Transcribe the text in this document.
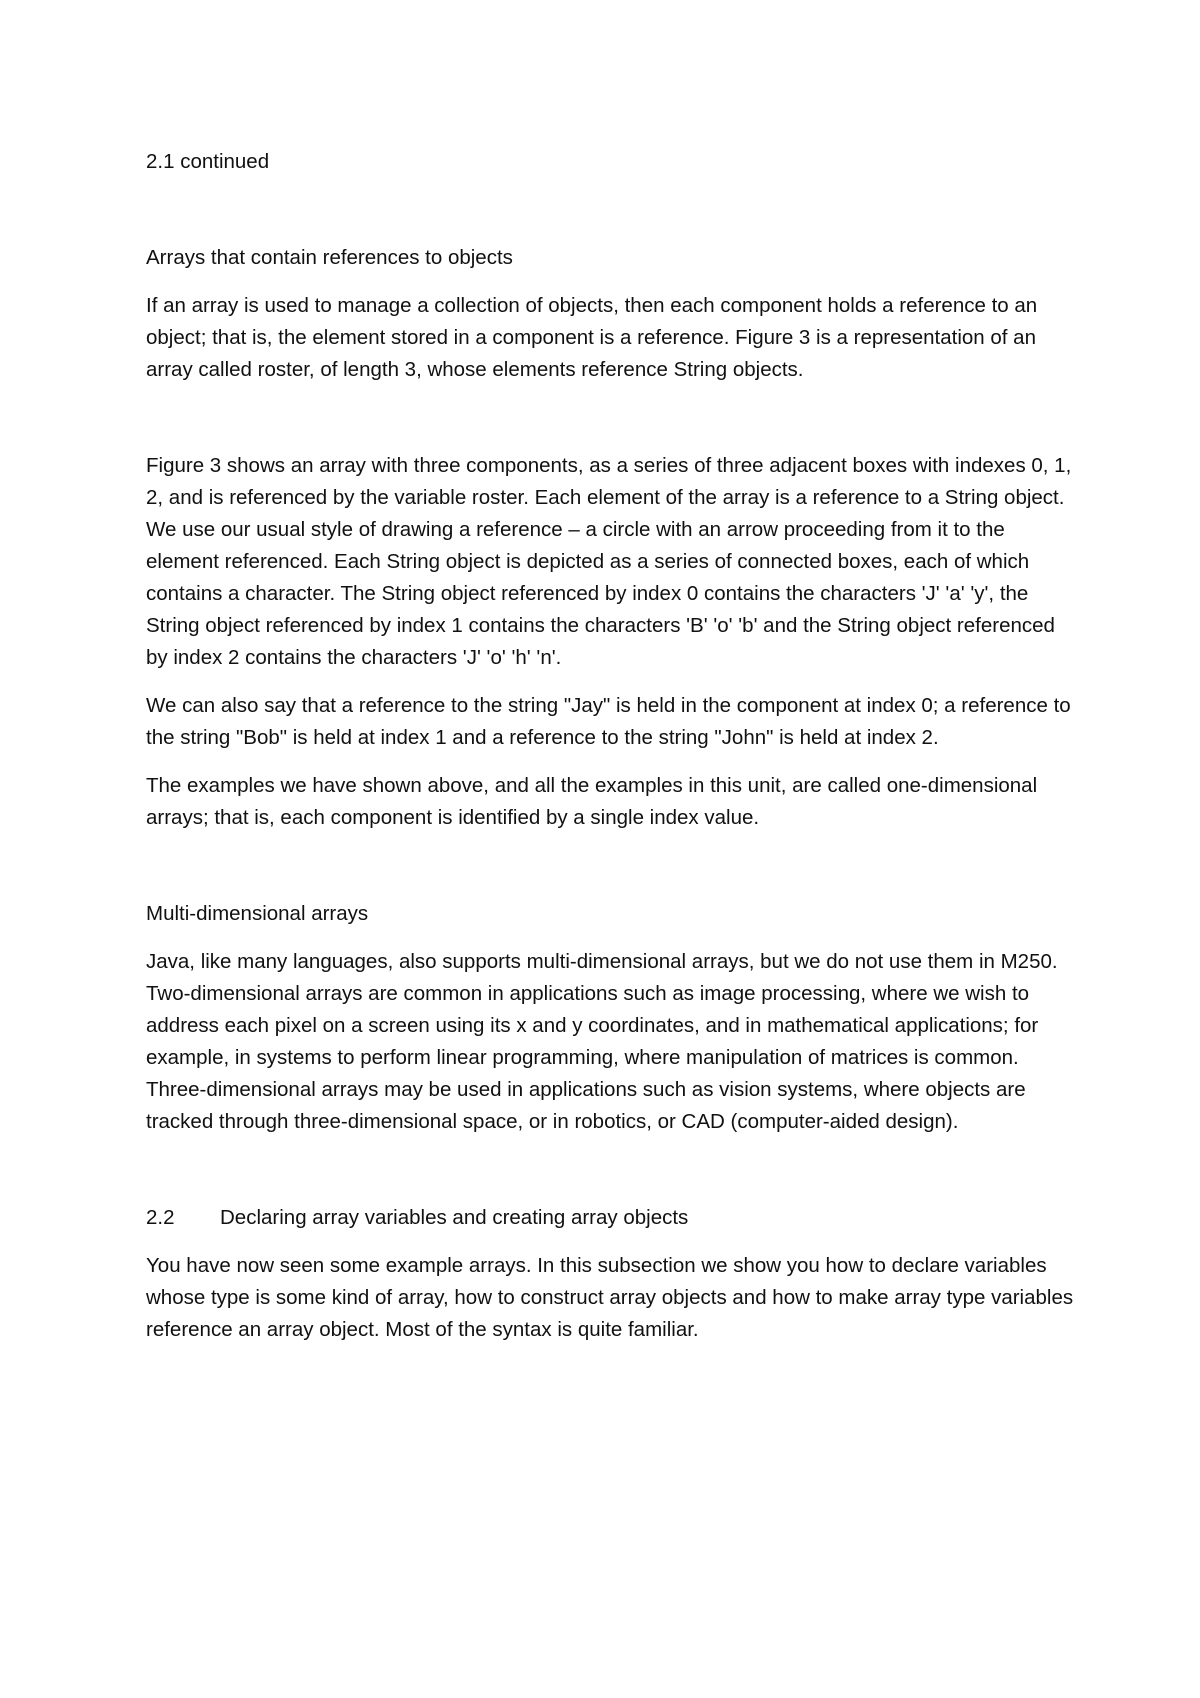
2.1 continued

Arrays that contain references to objects

If an array is used to manage a collection of objects, then each component holds a reference to an object; that is, the element stored in a component is a reference. Figure 3 is a representation of an array called roster, of length 3, whose elements reference String objects.

Figure 3 shows an array with three components, as a series of three adjacent boxes with indexes 0, 1, 2, and is referenced by the variable roster. Each element of the array is a reference to a String object. We use our usual style of drawing a reference – a circle with an arrow proceeding from it to the element referenced. Each String object is depicted as a series of connected boxes, each of which contains a character. The String object referenced by index 0 contains the characters 'J' 'a' 'y', the String object referenced by index 1 contains the characters 'B' 'o' 'b' and the String object referenced by index 2 contains the characters 'J' 'o' 'h' 'n'.

We can also say that a reference to the string "Jay" is held in the component at index 0; a reference to the string "Bob" is held at index 1 and a reference to the string "John" is held at index 2.

The examples we have shown above, and all the examples in this unit, are called one-dimensional arrays; that is, each component is identified by a single index value.

Multi-dimensional arrays

Java, like many languages, also supports multi-dimensional arrays, but we do not use them in M250. Two-dimensional arrays are common in applications such as image processing, where we wish to address each pixel on a screen using its x and y coordinates, and in mathematical applications; for example, in systems to perform linear programming, where manipulation of matrices is common. Three-dimensional arrays may be used in applications such as vision systems, where objects are tracked through three-dimensional space, or in robotics, or CAD (computer-aided design).

2.2 Declaring array variables and creating array objects

You have now seen some example arrays. In this subsection we show you how to declare variables whose type is some kind of array, how to construct array objects and how to make array type variables reference an array object. Most of the syntax is quite familiar.
